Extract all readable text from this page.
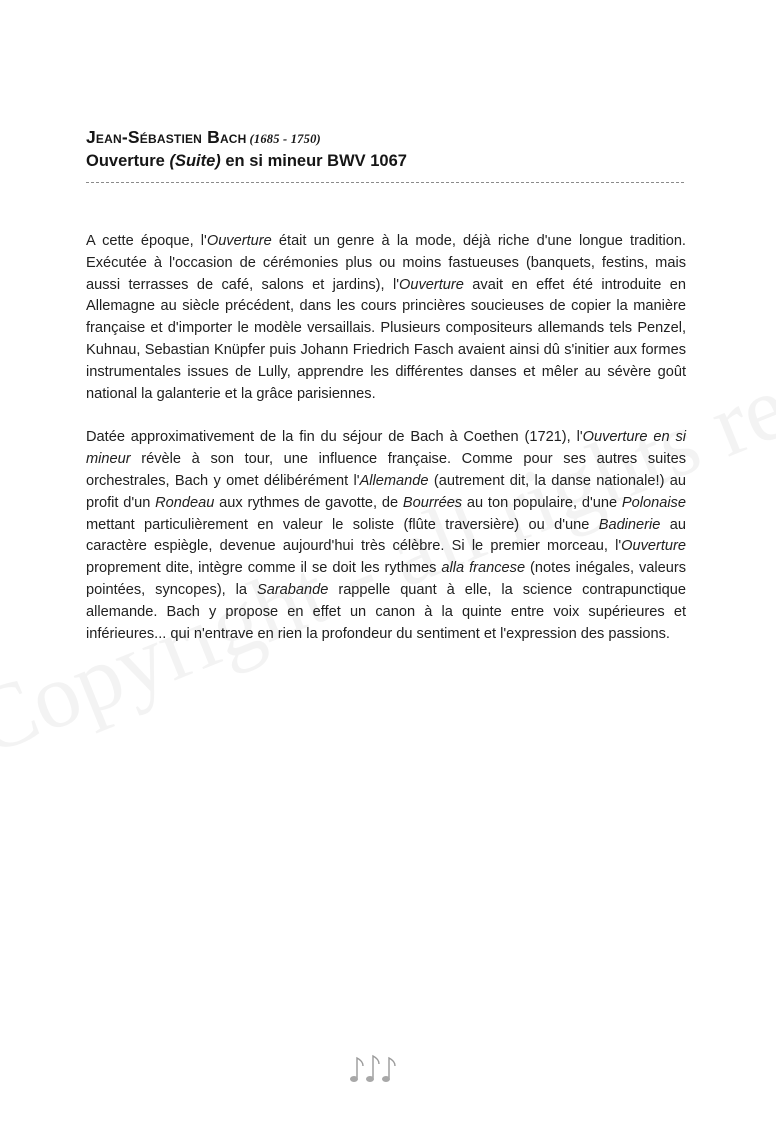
Jean-Sébastien Bach (1685 - 1750)
Ouverture (Suite) en si mineur BWV 1067

A cette époque, l'Ouverture était un genre à la mode, déjà riche d'une longue tradition. Exécutée à l'occasion de cérémonies plus ou moins fastueuses (banquets, festins, mais aussi terrasses de café, salons et jardins), l'Ouverture avait en effet été introduite en Allemagne au siècle précédent, dans les cours princières soucieuses de copier la manière française et d'importer le modèle versaillais. Plusieurs compositeurs allemands tels Penzel, Kuhnau, Sebastian Knüpfer puis Johann Friedrich Fasch avaient ainsi dû s'initier aux formes instrumentales issues de Lully, apprendre les différentes danses et mêler au sévère goût national la galanterie et la grâce parisiennes.

Datée approximativement de la fin du séjour de Bach à Coethen (1721), l'Ouverture en si mineur révèle à son tour, une influence française. Comme pour ses autres suites orchestrales, Bach y omet délibérément l'Allemande (autrement dit, la danse nationale!) au profit d'un Rondeau aux rythmes de gavotte, de Bourrées au ton populaire, d'une Polonaise mettant particulièrement en valeur le soliste (flûte traversière) ou d'une Badinerie au caractère espiègle, devenue aujourd'hui très célèbre. Si le premier morceau, l'Ouverture proprement dite, intègre comme il se doit les rythmes alla francese (notes inégales, valeurs pointées, syncopes), la Sarabande rappelle quant à elle, la science contrapunctique allemande. Bach y propose en effet un canon à la quinte entre voix supérieures et inférieures... qui n'entrave en rien la profondeur du sentiment et l'expression des passions.
